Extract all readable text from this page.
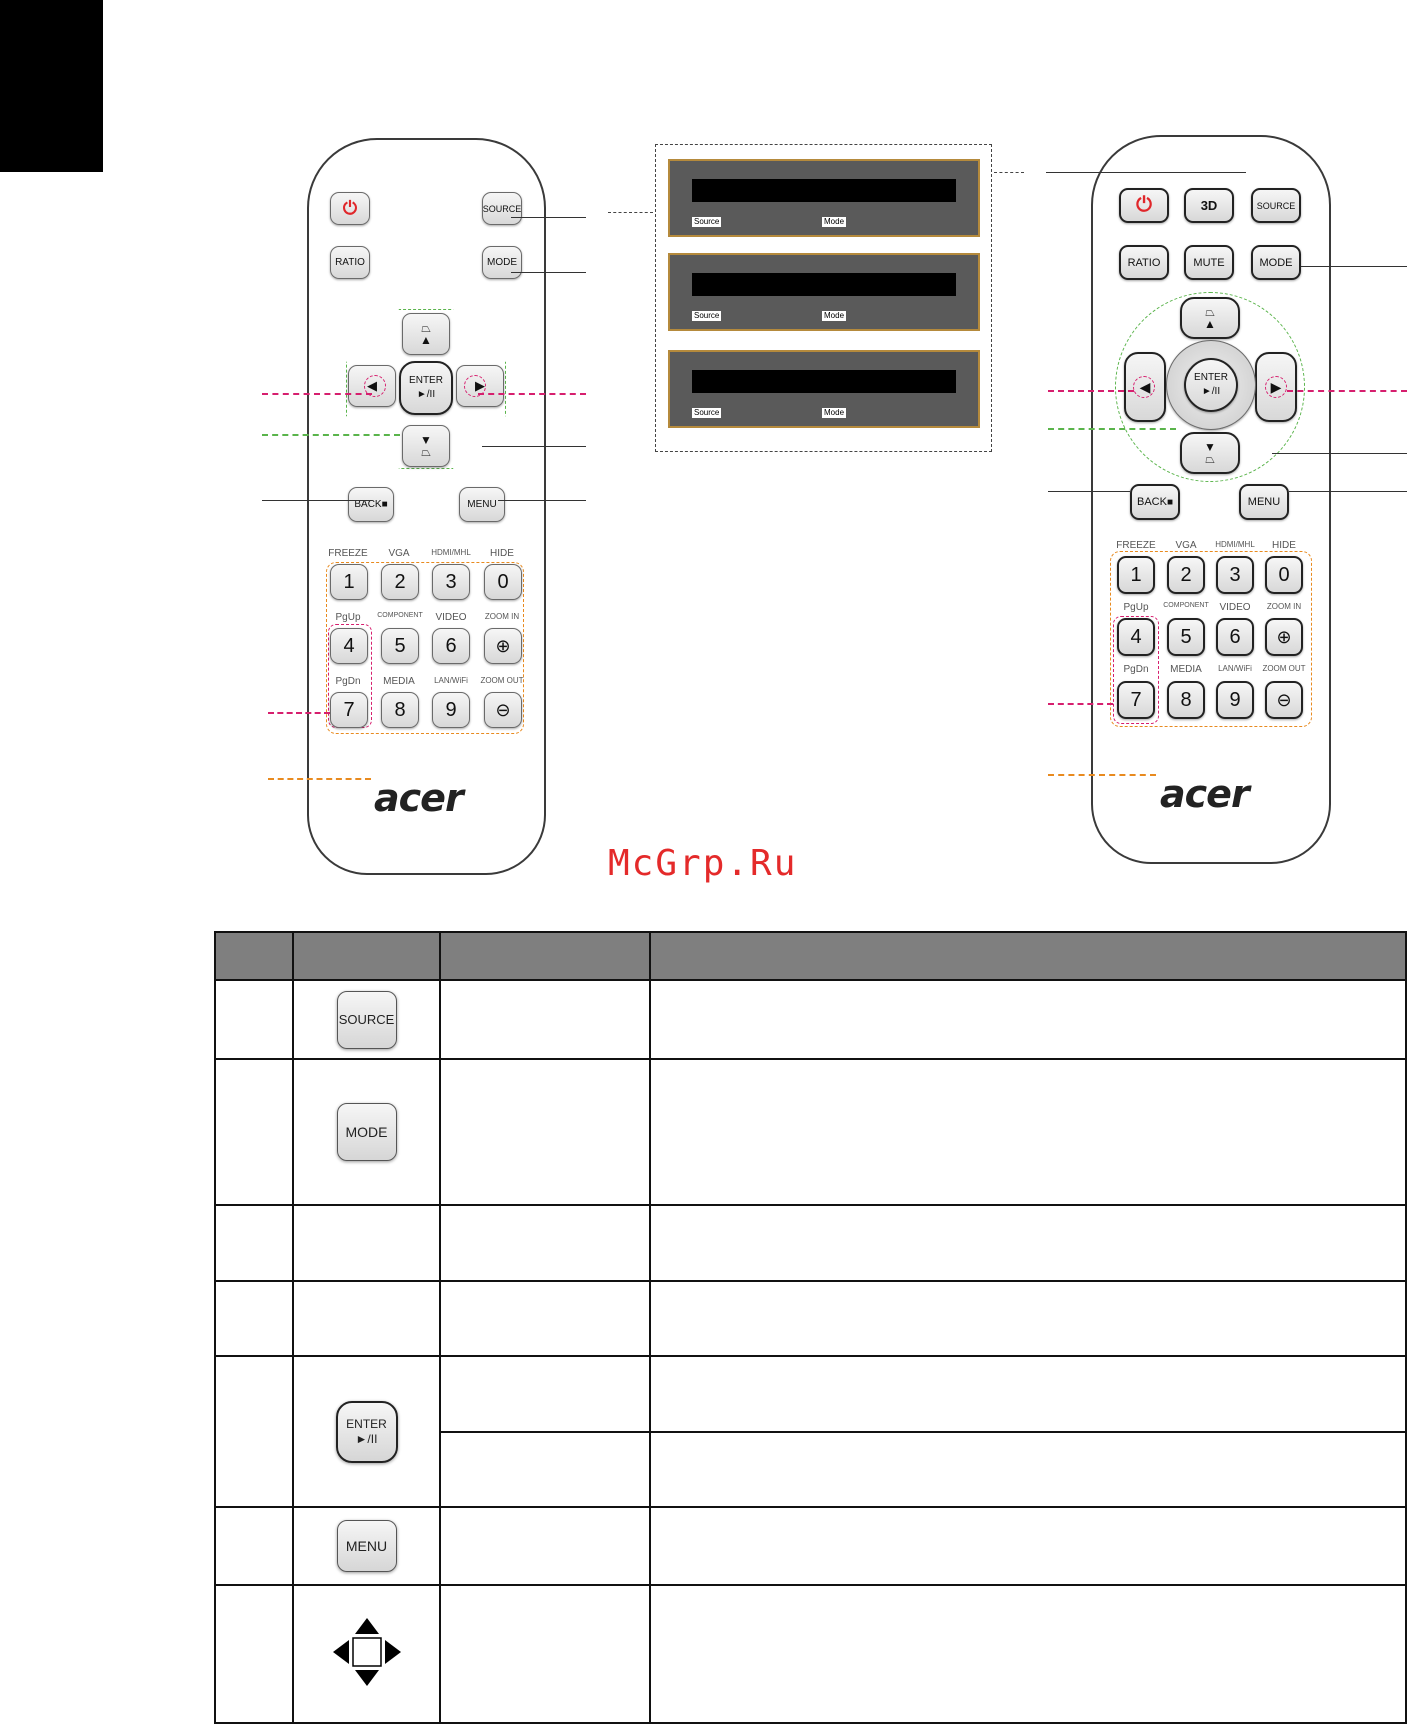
⏻	SOURCE
RATIO	MODE
⏢
▲
▼
⏢
◀	▶
ENTER
►/II
BACK ■	MENU
FREEZE	VGA	HDMI/MHL	HIDE
PgUp	COMPONENT	VIDEO	ZOOM IN
PgDn	MEDIA	LAN/WiFi	ZOOM OUT
1	2	3	0
4	5	6	⊕
7	8	9	⊖
acer
Source	Mode
Source	Mode
Source	Mode
⏻	3D	SOURCE
RATIO	MUTE	MODE
⏢
▲
▼
⏢
◀	▶
ENTER
►/II
BACK ■	MENU
FREEZE	VGA	HDMI/MHL	HIDE
PgUp	COMPONENT	VIDEO	ZOOM IN
PgDn	MEDIA	LAN/WiFi	ZOOM OUT
1	2	3	0
4	5	6	⊕
7	8	9	⊖
acer
McGrp.Ru

	SOURCE		
	MODE		

	ENTER
►/II		

	MENU		
